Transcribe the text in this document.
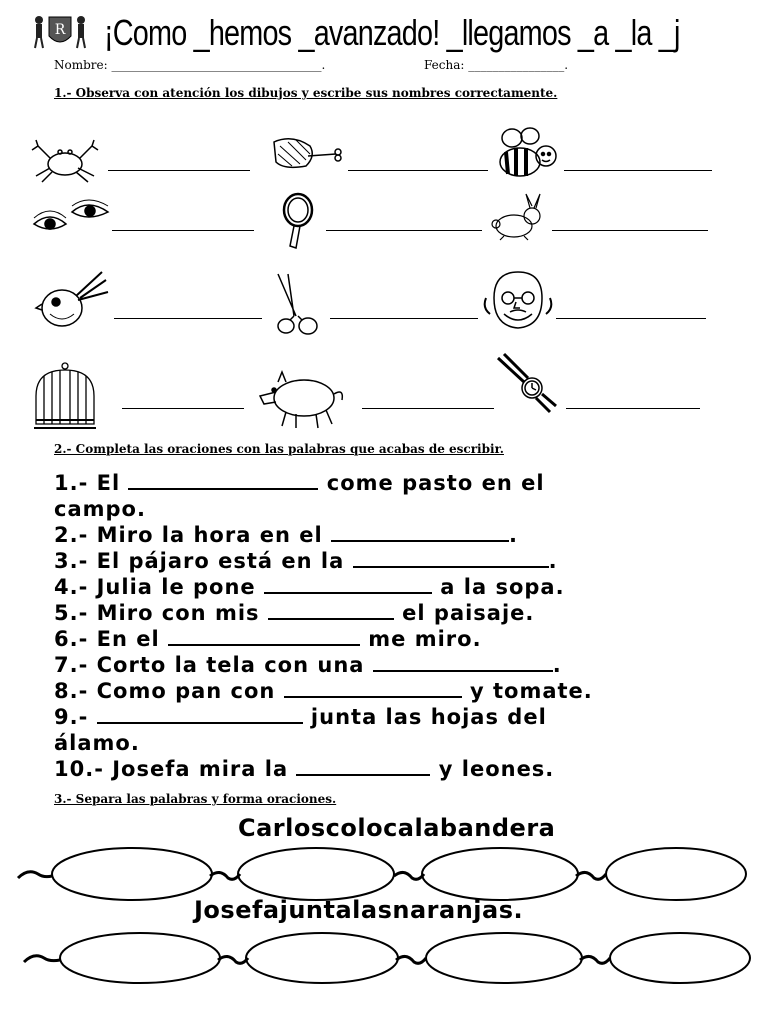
R ¡Como _hemos _avanzado! _llegamos _a _la _j
Nombre: ___________________________________.	Fecha: ________________.
1.- Observa con atención los dibujos y escribe sus nombres correctamente.
2.- Completa las oraciones con las palabras que acabas de escribir.
1.- El	come pasto en el
campo.
2.- Miro la hora en el	.
3.- El pájaro está en la	.
4.- Julia le pone	a la sopa.
5.- Miro con mis	el paisaje.
6.- En el	me miro.
7.- Corto la tela con una	.
8.- Como pan con	y tomate.
9.-	junta las hojas del
álamo.
10.- Josefa mira la	y leones.
3.- Separa las palabras y forma oraciones.
Carloscolocalabandera
Josefajuntalasnaranjas.
